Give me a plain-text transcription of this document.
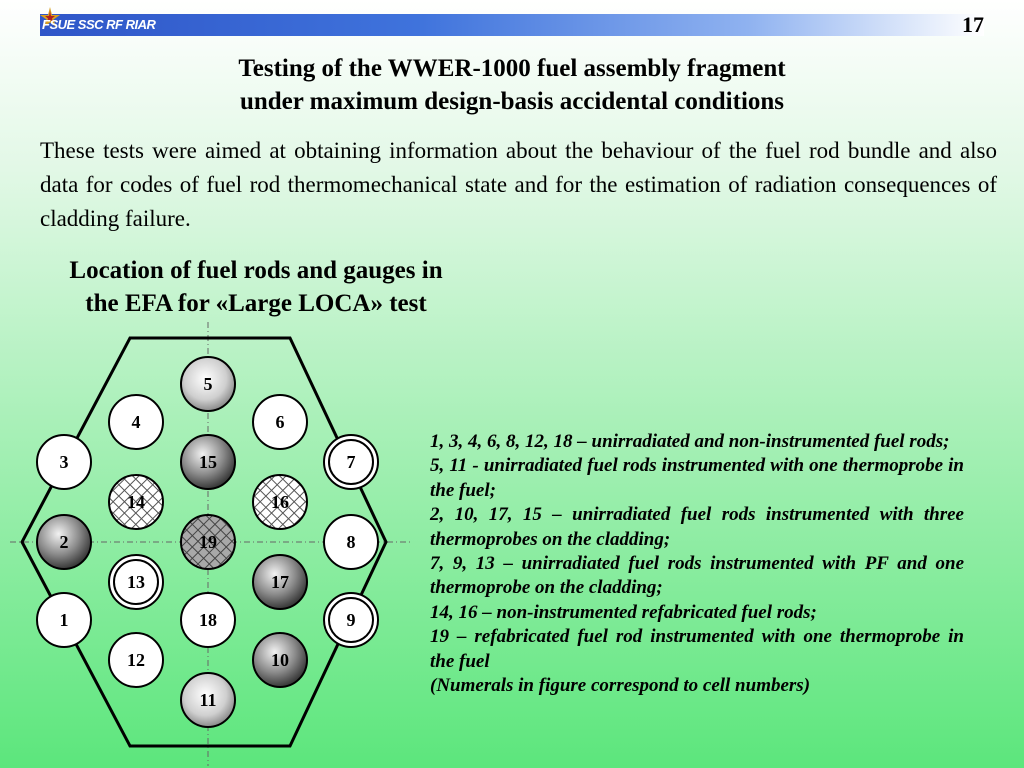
FSUE SSC RF RIAR	17
Testing of the WWER-1000 fuel assembly fragment
under maximum design-basis accidental conditions
These tests were aimed at obtaining information about the behaviour of the fuel rod bundle and also data for codes of fuel rod thermomechanical state and for the estimation of radiation consequences of cladding failure.
Location of fuel rods and gauges in
the EFA for «Large LOCA» test
5
4	6
3	15	7
14	16
2	19	8
13	17
1	18	9
12	10
11
1, 3, 4, 6, 8, 12, 18 – unirradiated and non-instrumented fuel rods;
5, 11 - unirradiated fuel rods instrumented with one thermoprobe in the fuel;
2, 10, 17, 15 – unirradiated fuel rods instrumented with three thermoprobes on the cladding;
7, 9, 13 – unirradiated fuel rods instrumented with PF and one thermoprobe on the cladding;
14, 16 – non-instrumented refabricated fuel rods;
19 – refabricated fuel rod instrumented with one thermoprobe in the fuel
(Numerals in figure correspond to cell numbers)
